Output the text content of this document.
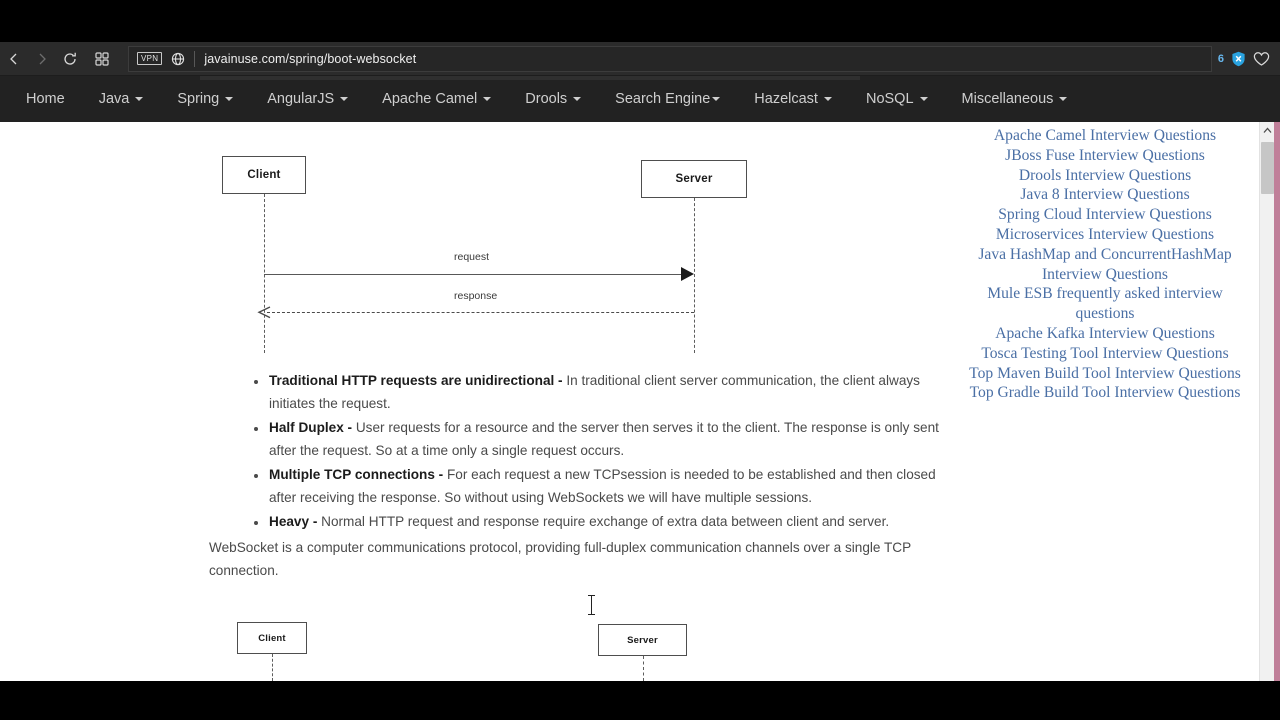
VPN	javainuse.com/spring/boot-websocket	6
Home Java	Spring	AngularJS	Apache Camel	Drools	Search Engine	Hazelcast	NoSQL	Miscellaneous
Client	Server
request
response
Traditional HTTP requests are unidirectional - In traditional client server communication, the client always initiates the request.
Half Duplex - User requests for a resource and the server then serves it to the client. The response is only sent after the request. So at a time only a single request occurs.
Multiple TCP connections - For each request a new TCPsession is needed to be established and then closed after receiving the response. So without using WebSockets we will have multiple sessions.
Heavy - Normal HTTP request and response require exchange of extra data between client and server.
WebSocket is a computer communications protocol, providing full-duplex communication channels over a single TCP connection.
Client	Server
Apache Camel Interview Questions
JBoss Fuse Interview Questions
Drools Interview Questions
Java 8 Interview Questions
Spring Cloud Interview Questions
Microservices Interview Questions
Java HashMap and ConcurrentHashMap Interview Questions
Mule ESB frequently asked interview questions
Apache Kafka Interview Questions
Tosca Testing Tool Interview Questions
Top Maven Build Tool Interview Questions
Top Gradle Build Tool Interview Questions
